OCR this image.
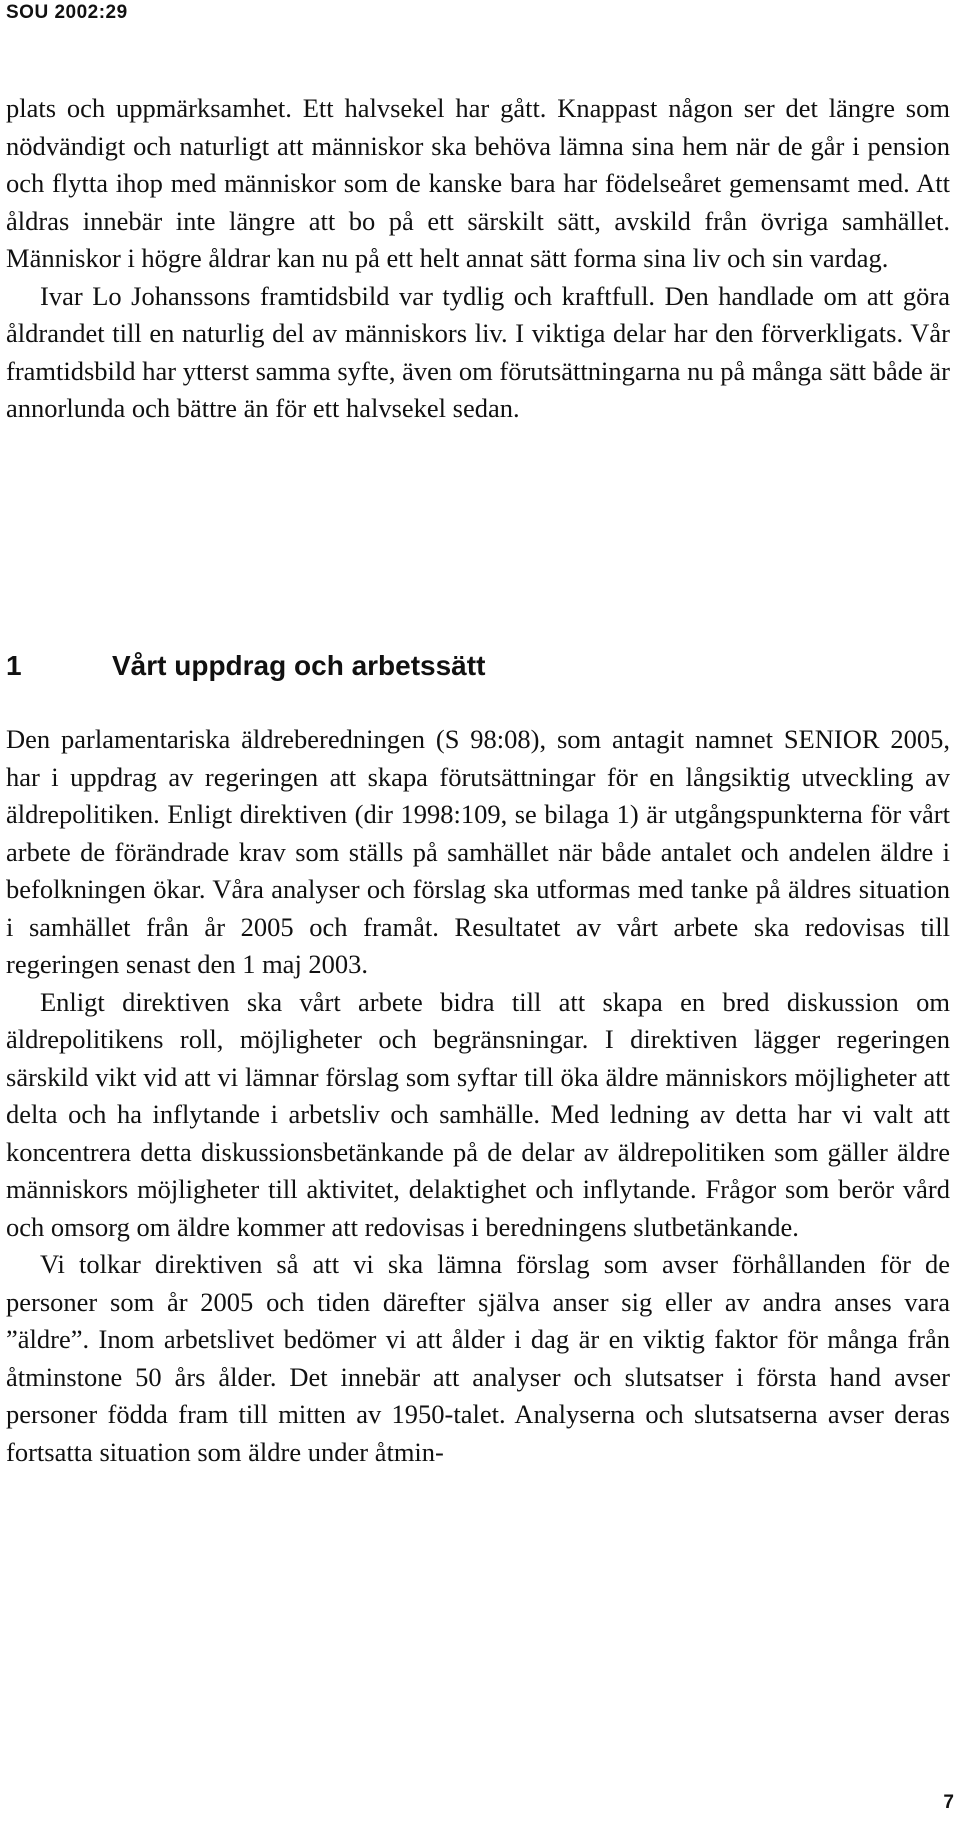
SOU 2002:29

plats och uppmärksamhet. Ett halvsekel har gått. Knappast någon ser det längre som nödvändigt och naturligt att människor ska behöva lämna sina hem när de går i pension och flytta ihop med människor som de kanske bara har födelseåret gemensamt med. Att åldras innebär inte längre att bo på ett särskilt sätt, avskild från övriga samhället. Människor i högre åldrar kan nu på ett helt annat sätt forma sina liv och sin vardag.

Ivar Lo Johanssons framtidsbild var tydlig och kraftfull. Den handlade om att göra åldrandet till en naturlig del av människors liv. I viktiga delar har den förverkligats. Vår framtidsbild har ytterst samma syfte, även om förutsättningarna nu på många sätt både är annorlunda och bättre än för ett halvsekel sedan.

1	Vårt uppdrag och arbetssätt

Den parlamentariska äldreberedningen (S 98:08), som antagit namnet SENIOR 2005, har i uppdrag av regeringen att skapa förutsättningar för en långsiktig utveckling av äldrepolitiken. Enligt direktiven (dir 1998:109, se bilaga 1) är utgångspunkterna för vårt arbete de förändrade krav som ställs på samhället när både antalet och andelen äldre i befolkningen ökar. Våra analyser och förslag ska utformas med tanke på äldres situation i samhället från år 2005 och framåt. Resultatet av vårt arbete ska redovisas till regeringen senast den 1 maj 2003.

Enligt direktiven ska vårt arbete bidra till att skapa en bred diskussion om äldrepolitikens roll, möjligheter och begränsningar. I direktiven lägger regeringen särskild vikt vid att vi lämnar förslag som syftar till öka äldre människors möjligheter att delta och ha inflytande i arbetsliv och samhälle. Med ledning av detta har vi valt att koncentrera detta diskussionsbetänkande på de delar av äldrepolitiken som gäller äldre människors möjligheter till aktivitet, delaktighet och inflytande. Frågor som berör vård och omsorg om äldre kommer att redovisas i beredningens slutbetänkande.

Vi tolkar direktiven så att vi ska lämna förslag som avser förhållanden för de personer som år 2005 och tiden därefter själva anser sig eller av andra anses vara ”äldre”. Inom arbetslivet bedömer vi att ålder i dag är en viktig faktor för många från åtminstone 50 års ålder. Det innebär att analyser och slutsatser i första hand avser personer födda fram till mitten av 1950-talet. Analyserna och slutsatserna avser deras fortsatta situation som äldre under åtmin-

7
